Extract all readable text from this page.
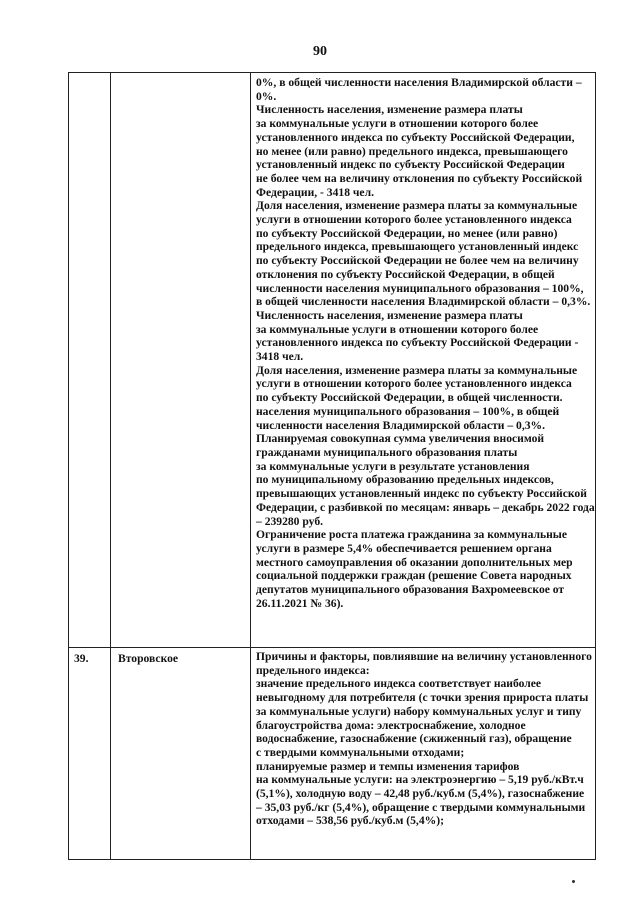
90
0%, в общей численности населения Владимирской области –
0%.
Численность населения, изменение размера платы
за коммунальные услуги в отношении которого более
установленного индекса по субъекту Российской Федерации,
но менее (или равно) предельного индекса, превышающего
установленный индекс по субъекту Российской Федерации
не более чем на величину отклонения по субъекту Российской
Федерации, - 3418 чел.
Доля населения, изменение размера платы за коммунальные
услуги в отношении которого более установленного индекса
по субъекту Российской Федерации, но менее (или равно)
предельного индекса, превышающего установленный индекс
по субъекту Российской Федерации не более чем на величину
отклонения по субъекту Российской Федерации, в общей
численности населения муниципального образования – 100%,
в общей численности населения Владимирской области – 0,3%.
Численность населения, изменение размера платы
за коммунальные услуги в отношении которого более
установленного индекса по субъекту Российской Федерации -
3418 чел.
Доля населения, изменение размера платы за коммунальные
услуги в отношении которого более установленного индекса
по субъекту Российской Федерации, в общей численности.
населения муниципального образования – 100%, в общей
численности населения Владимирской области – 0,3%.
Планируемая совокупная сумма увеличения вносимой
гражданами муниципального образования платы
за коммунальные услуги в результате установления
по муниципальному образованию предельных индексов,
превышающих установленный индекс по субъекту Российской
Федерации, с разбивкой по месяцам: январь – декабрь 2022 года
– 239280 руб.
Ограничение роста платежа гражданина за коммунальные
услуги в размере 5,4% обеспечивается решением органа
местного самоуправления об оказании дополнительных мер
социальной поддержки граждан (решение Совета народных
депутатов муниципального образования Вахромеевское от
26.11.2021 № 36).
39.	Второвское	Причины и факторы, повлиявшие на величину установленного
предельного индекса:
значение предельного индекса соответствует наиболее
невыгодному для потребителя (с точки зрения прироста платы
за коммунальные услуги) набору коммунальных услуг и типу
благоустройства дома: электроснабжение, холодное
водоснабжение, газоснабжение (сжиженный газ), обращение
с твердыми коммунальными отходами;
планируемые размер и темпы изменения тарифов
на коммунальные услуги: на электроэнергию – 5,19 руб./кВт.ч
(5,1%), холодную воду – 42,48 руб./куб.м (5,4%), газоснабжение
– 35,03 руб./кг (5,4%), обращение с твердыми коммунальными
отходами – 538,56 руб./куб.м (5,4%);
